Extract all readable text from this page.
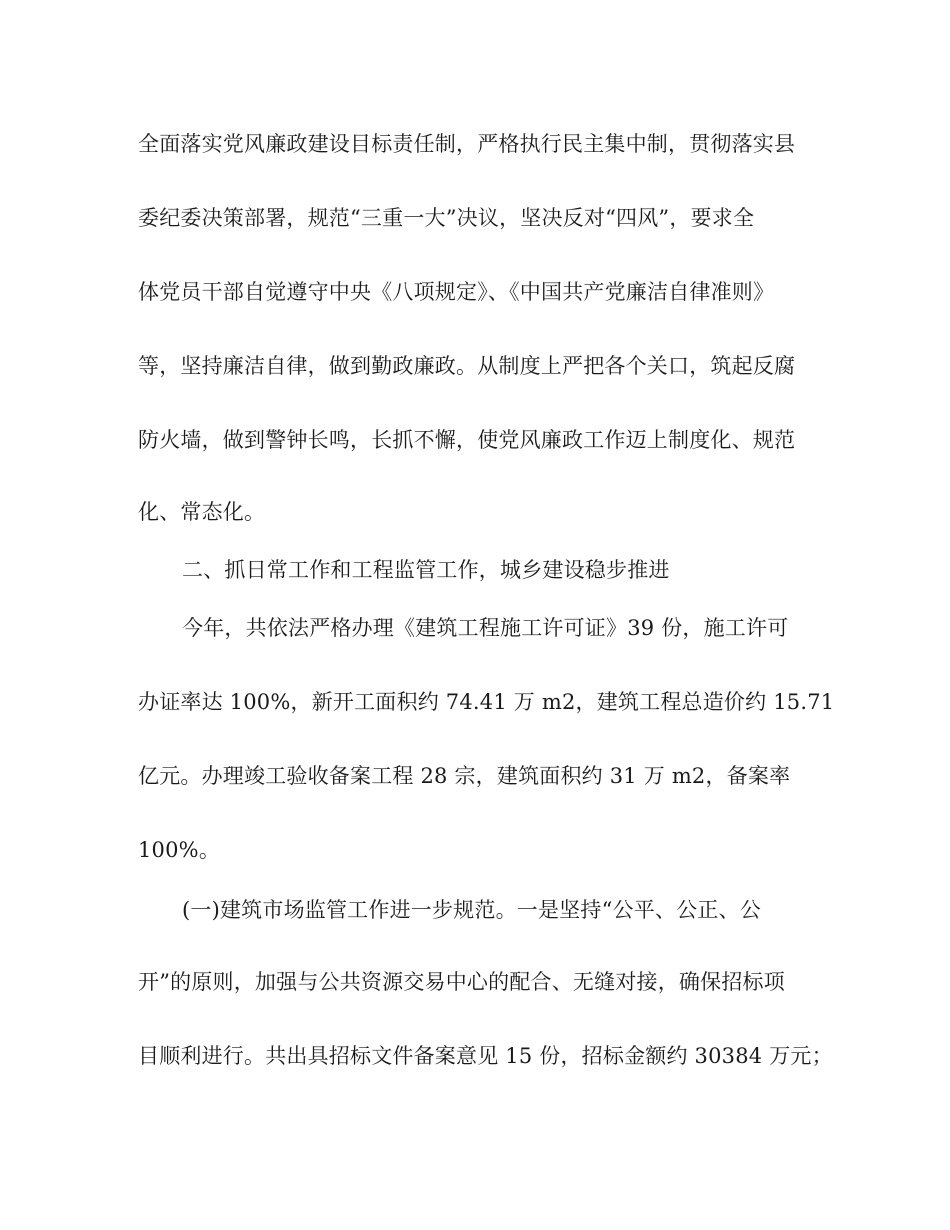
全面落实党风廉政建设目标责任制，严格执行民主集中制，贯彻落实县
委纪委决策部署，规范“三重一大”决议，坚决反对“四风”，要求全
体党员干部自觉遵守中央《八项规定》、《中国共产党廉洁自律准则》
等，坚持廉洁自律，做到勤政廉政。从制度上严把各个关口，筑起反腐
防火墙，做到警钟长鸣，长抓不懈，使党风廉政工作迈上制度化、规范
化、常态化。
二、抓日常工作和工程监管工作，城乡建设稳步推进
今年，共依法严格办理《建筑工程施工许可证》39 份，施工许可
办证率达 100%，新开工面积约 74.41 万 m2，建筑工程总造价约 15.71
亿元。办理竣工验收备案工程 28 宗，建筑面积约 31 万 m2，备案率
100%。
(一)建筑市场监管工作进一步规范。一是坚持“公平、公正、公
开”的原则，加强与公共资源交易中心的配合、无缝对接，确保招标项
目顺利进行。共出具招标文件备案意见 15 份，招标金额约 30384 万元；
